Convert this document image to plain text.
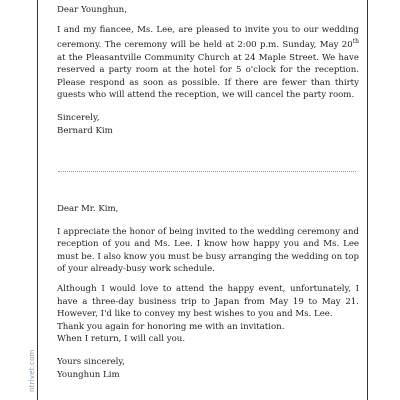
Dear Younghun,

I and my fiancee, Ms. Lee, are pleased to invite you to our wedding ceremony. The ceremony will be held at 2:00 p.m. Sunday, May 20th at the Pleasantville Community Church at 24 Maple Street. We have reserved a party room at the hotel for 5 o'clock for the reception. Please respond as soon as possible. If there are fewer than thirty guests who will attend the reception, we will cancel the party room.

Sincerely,

Bernard Kim

Dear Mr. Kim,

I appreciate the honor of being invited to the wedding ceremony and reception of you and Ms. Lee. I know how happy you and Ms. Lee must be. I also know you must be busy arranging the wedding on top of your already-busy work schedule.

Although I would love to attend the happy event, unfortunately, I have a three-day business trip to Japan from May 19 to May 21. However, I'd like to convey my best wishes to you and Ms. Lee.

Thank you again for honoring me with an invitation.

When I return, I will call you.

Yours sincerely,

Younghun Lim

ntrivet.com
